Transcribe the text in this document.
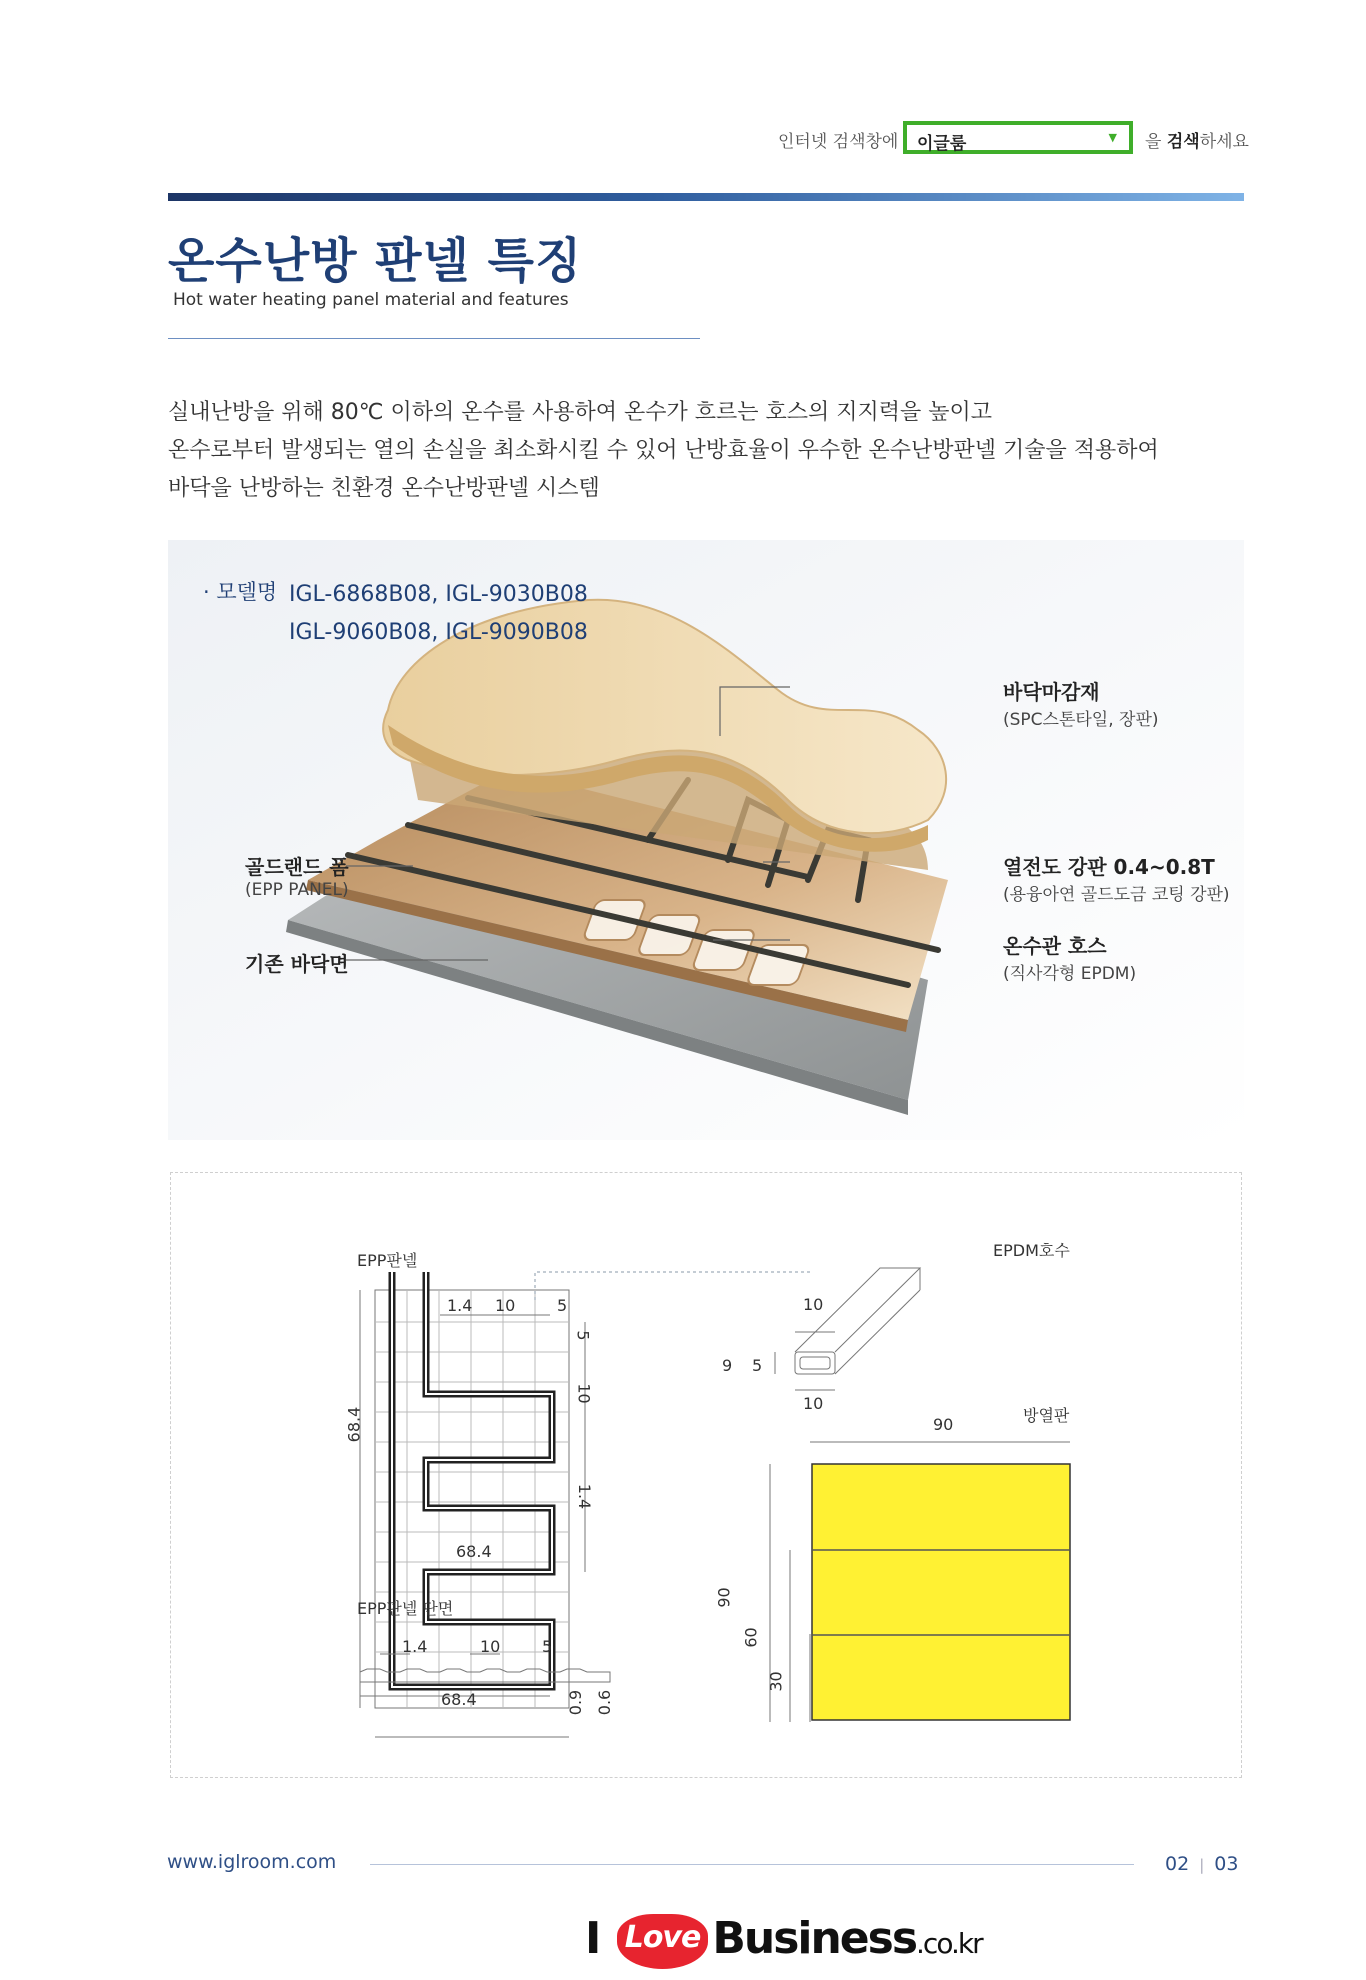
인터넷 검색창에	이글룸	▼ 을 검색하세요
온수난방 판넬 특징
Hot water heating panel material and features
실내난방을 위해 80℃ 이하의 온수를 사용하여 온수가 흐르는 호스의 지지력을 높이고
온수로부터 발생되는 열의 손실을 최소화시킬 수 있어 난방효율이 우수한 온수난방판넬 기술을 적용하여
바닥을 난방하는 친환경 온수난방판넬 시스템
· 모델명 IGL-6868B08, IGL-9030B08
IGL-9060B08, IGL-9090B08
바닥마감재
(SPC스톤타일, 장판)
열전도 강판 0.4~0.8T
(용융아연 골드도금 코팅 강판)
온수관 호스
(직사각형 EPDM)
골드랜드 폼
(EPP PANEL)
기존 바닥면
EPP판넬
EPP판넬 단면
EPDM호수
방열판
1.4 10	5
5
10
1.4
68.4
68.4
1.4	10	5
68.4	0.9 0.6
10
9 5
10
90
90
60
30
www.iglroom.com	02 | 03
I Love Business.co.kr
